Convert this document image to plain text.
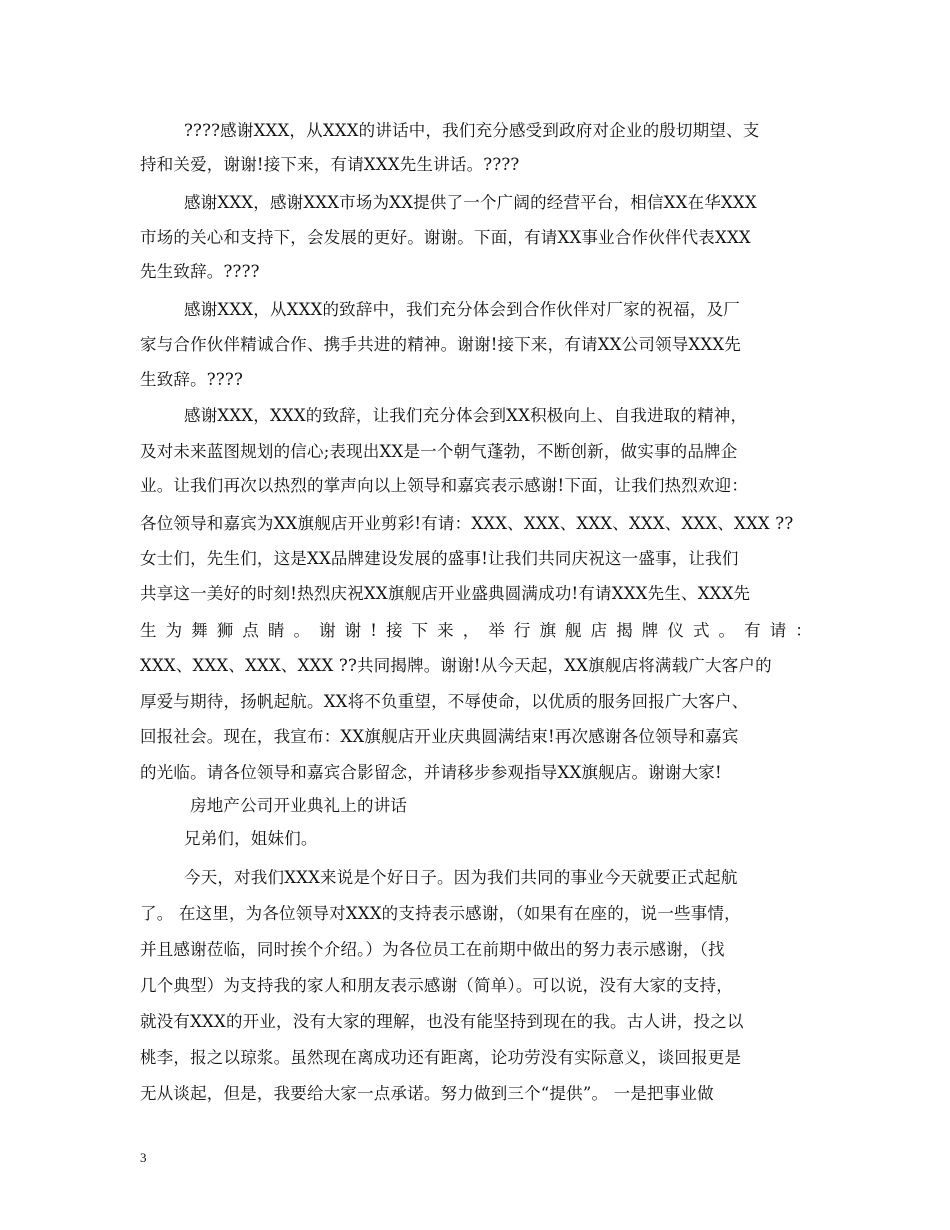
????感谢XXX，从XXX的讲话中，我们充分感受到政府对企业的殷切期望、支
持和关爱，谢谢!接下来，有请XXX先生讲话。????
感谢XXX，感谢XXX市场为XX提供了一个广阔的经营平台，相信XX在华XXX
市场的关心和支持下，会发展的更好。谢谢。下面，有请XX事业合作伙伴代表XXX
先生致辞。????
感谢XXX，从XXX的致辞中，我们充分体会到合作伙伴对厂家的祝福，及厂
家与合作伙伴精诚合作、携手共进的精神。谢谢!接下来，有请XX公司领导XXX先
生致辞。????
感谢XXX，XXX的致辞，让我们充分体会到XX积极向上、自我进取的精神，
及对未来蓝图规划的信心;表现出XX是一个朝气蓬勃，不断创新，做实事的品牌企
业。让我们再次以热烈的掌声向以上领导和嘉宾表示感谢!下面，让我们热烈欢迎：
各位领导和嘉宾为XX旗舰店开业剪彩!有请：XXX、XXX、XXX、XXX、XXX、XXX ??
女士们，先生们，这是XX品牌建设发展的盛事!让我们共同庆祝这一盛事，让我们
共享这一美好的时刻!热烈庆祝XX旗舰店开业盛典圆满成功!有请XXX先生、XXX先
生为舞狮点睛。谢谢!接下来，举行旗舰店揭牌仪式。有请：
XXX、XXX、XXX、XXX ??共同揭牌。谢谢!从今天起，XX旗舰店将满载广大客户的
厚爱与期待，扬帆起航。XX将不负重望，不辱使命，以优质的服务回报广大客户、
回报社会。现在，我宣布：XX旗舰店开业庆典圆满结束!再次感谢各位领导和嘉宾
的光临。请各位领导和嘉宾合影留念，并请移步参观指导XX旗舰店。谢谢大家!
房地产公司开业典礼上的讲话
兄弟们，姐妹们。
今天，对我们XXX来说是个好日子。因为我们共同的事业今天就要正式起航
了。 在这里，为各位领导对XXX的支持表示感谢，（如果有在座的，说一些事情，
并且感谢莅临，同时挨个介绍。）为各位员工在前期中做出的努力表示感谢，（找
几个典型）为支持我的家人和朋友表示感谢（简单）。可以说，没有大家的支持，
就没有XXX的开业，没有大家的理解，也没有能坚持到现在的我。古人讲，投之以
桃李，报之以琼浆。虽然现在离成功还有距离，论功劳没有实际意义，谈回报更是
无从谈起，但是，我要给大家一点承诺。努力做到三个“提供”。 一是把事业做
3
